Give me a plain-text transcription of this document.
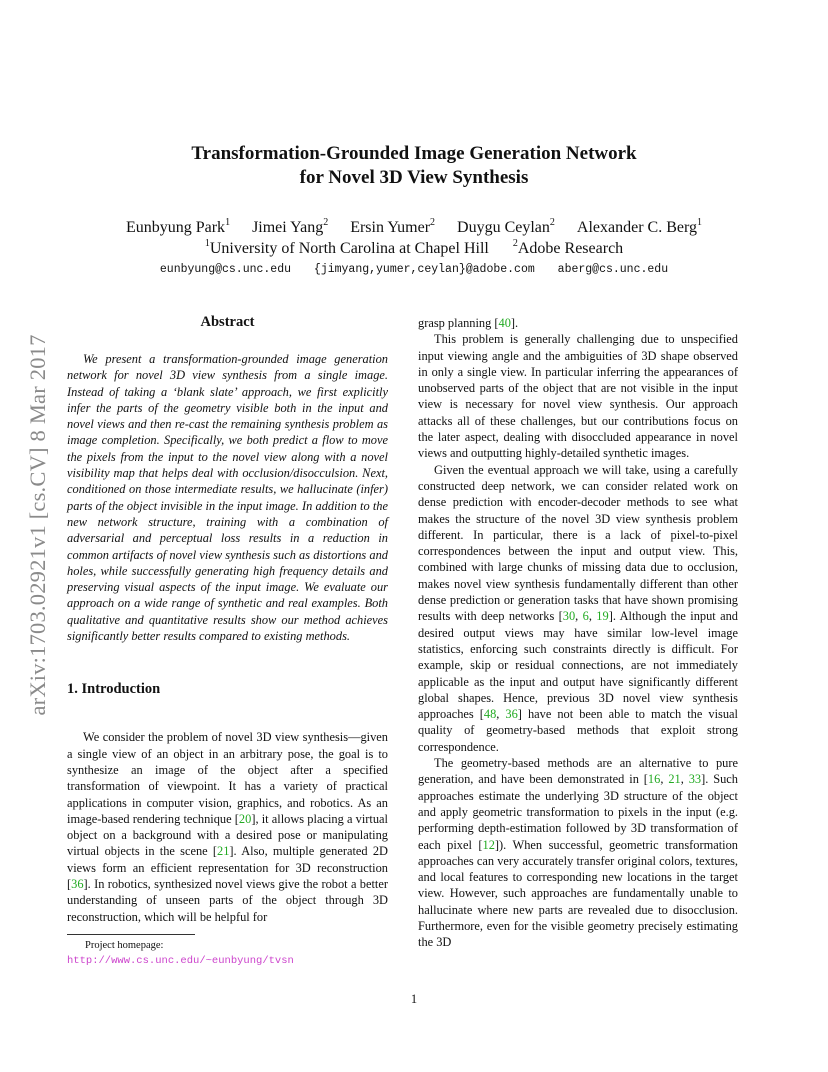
arXiv:1703.02921v1 [cs.CV] 8 Mar 2017
Transformation-Grounded Image Generation Network
for Novel 3D View Synthesis
Eunbyung Park$^1$ Jimei Yang$^2$ Ersin Yumer$^2$ Duygu Ceylan$^2$ Alexander C. Berg$^1$
$^1$University of North Carolina at Chapel Hill $^2$Adobe Research
eunbyung@cs.unc.edu {jimyang,yumer,ceylan}@adobe.com aberg@cs.unc.edu
Abstract

We present a transformation-grounded image generation network for novel 3D view synthesis from a single image. Instead of taking a ‘blank slate’ approach, we first explicitly infer the parts of the geometry visible both in the input and novel views and then re-cast the remaining synthesis problem as image completion. Specifically, we both predict a flow to move the pixels from the input to the novel view along with a novel visibility map that helps deal with occlusion/disocculsion. Next, conditioned on those intermediate results, we hallucinate (infer) parts of the object invisible in the input image. In addition to the new network structure, training with a combination of adversarial and perceptual loss results in a reduction in common artifacts of novel view synthesis such as distortions and holes, while successfully generating high frequency details and preserving visual aspects of the input image. We evaluate our approach on a wide range of synthetic and real examples. Both qualitative and quantitative results show our method achieves significantly better results compared to existing methods.

1. Introduction

We consider the problem of novel 3D view synthesis—given a single view of an object in an arbitrary pose, the goal is to synthesize an image of the object after a specified transformation of viewpoint. It has a variety of practical applications in computer vision, graphics, and robotics. As an image-based rendering technique [20], it allows placing a virtual object on a background with a desired pose or manipulating virtual objects in the scene [21]. Also, multiple generated 2D views form an efficient representation for 3D reconstruction [36]. In robotics, synthesized novel views give the robot a better understanding of unseen parts of the object through 3D reconstruction, which will be helpful for

Project homepage: http://www.cs.unc.edu/~eunbyung/tvsn

grasp planning [40].

This problem is generally challenging due to unspecified input viewing angle and the ambiguities of 3D shape observed in only a single view. In particular inferring the appearances of unobserved parts of the object that are not visible in the input view is necessary for novel view synthesis. Our approach attacks all of these challenges, but our contributions focus on the later aspect, dealing with disoccluded appearance in novel views and outputting highly-detailed synthetic images.

Given the eventual approach we will take, using a carefully constructed deep network, we can consider related work on dense prediction with encoder-decoder methods to see what makes the structure of the novel 3D view synthesis problem different. In particular, there is a lack of pixel-to-pixel correspondences between the input and output view. This, combined with large chunks of missing data due to occlusion, makes novel view synthesis fundamentally different than other dense prediction or generation tasks that have shown promising results with deep networks [30, 6, 19]. Although the input and desired output views may have similar low-level image statistics, enforcing such constraints directly is difficult. For example, skip or residual connections, are not immediately applicable as the input and output have significantly different global shapes. Hence, previous 3D novel view synthesis approaches [48, 36] have not been able to match the visual quality of geometry-based methods that exploit strong correspondence.

The geometry-based methods are an alternative to pure generation, and have been demonstrated in [16, 21, 33]. Such approaches estimate the underlying 3D structure of the object and apply geometric transformation to pixels in the input (e.g. performing depth-estimation followed by 3D transformation of each pixel [12]). When successful, geometric transformation approaches can very accurately transfer original colors, textures, and local features to corresponding new locations in the target view. However, such approaches are fundamentally unable to hallucinate where new parts are revealed due to disocclusion. Furthermore, even for the visible geometry precisely estimating the 3D

1
